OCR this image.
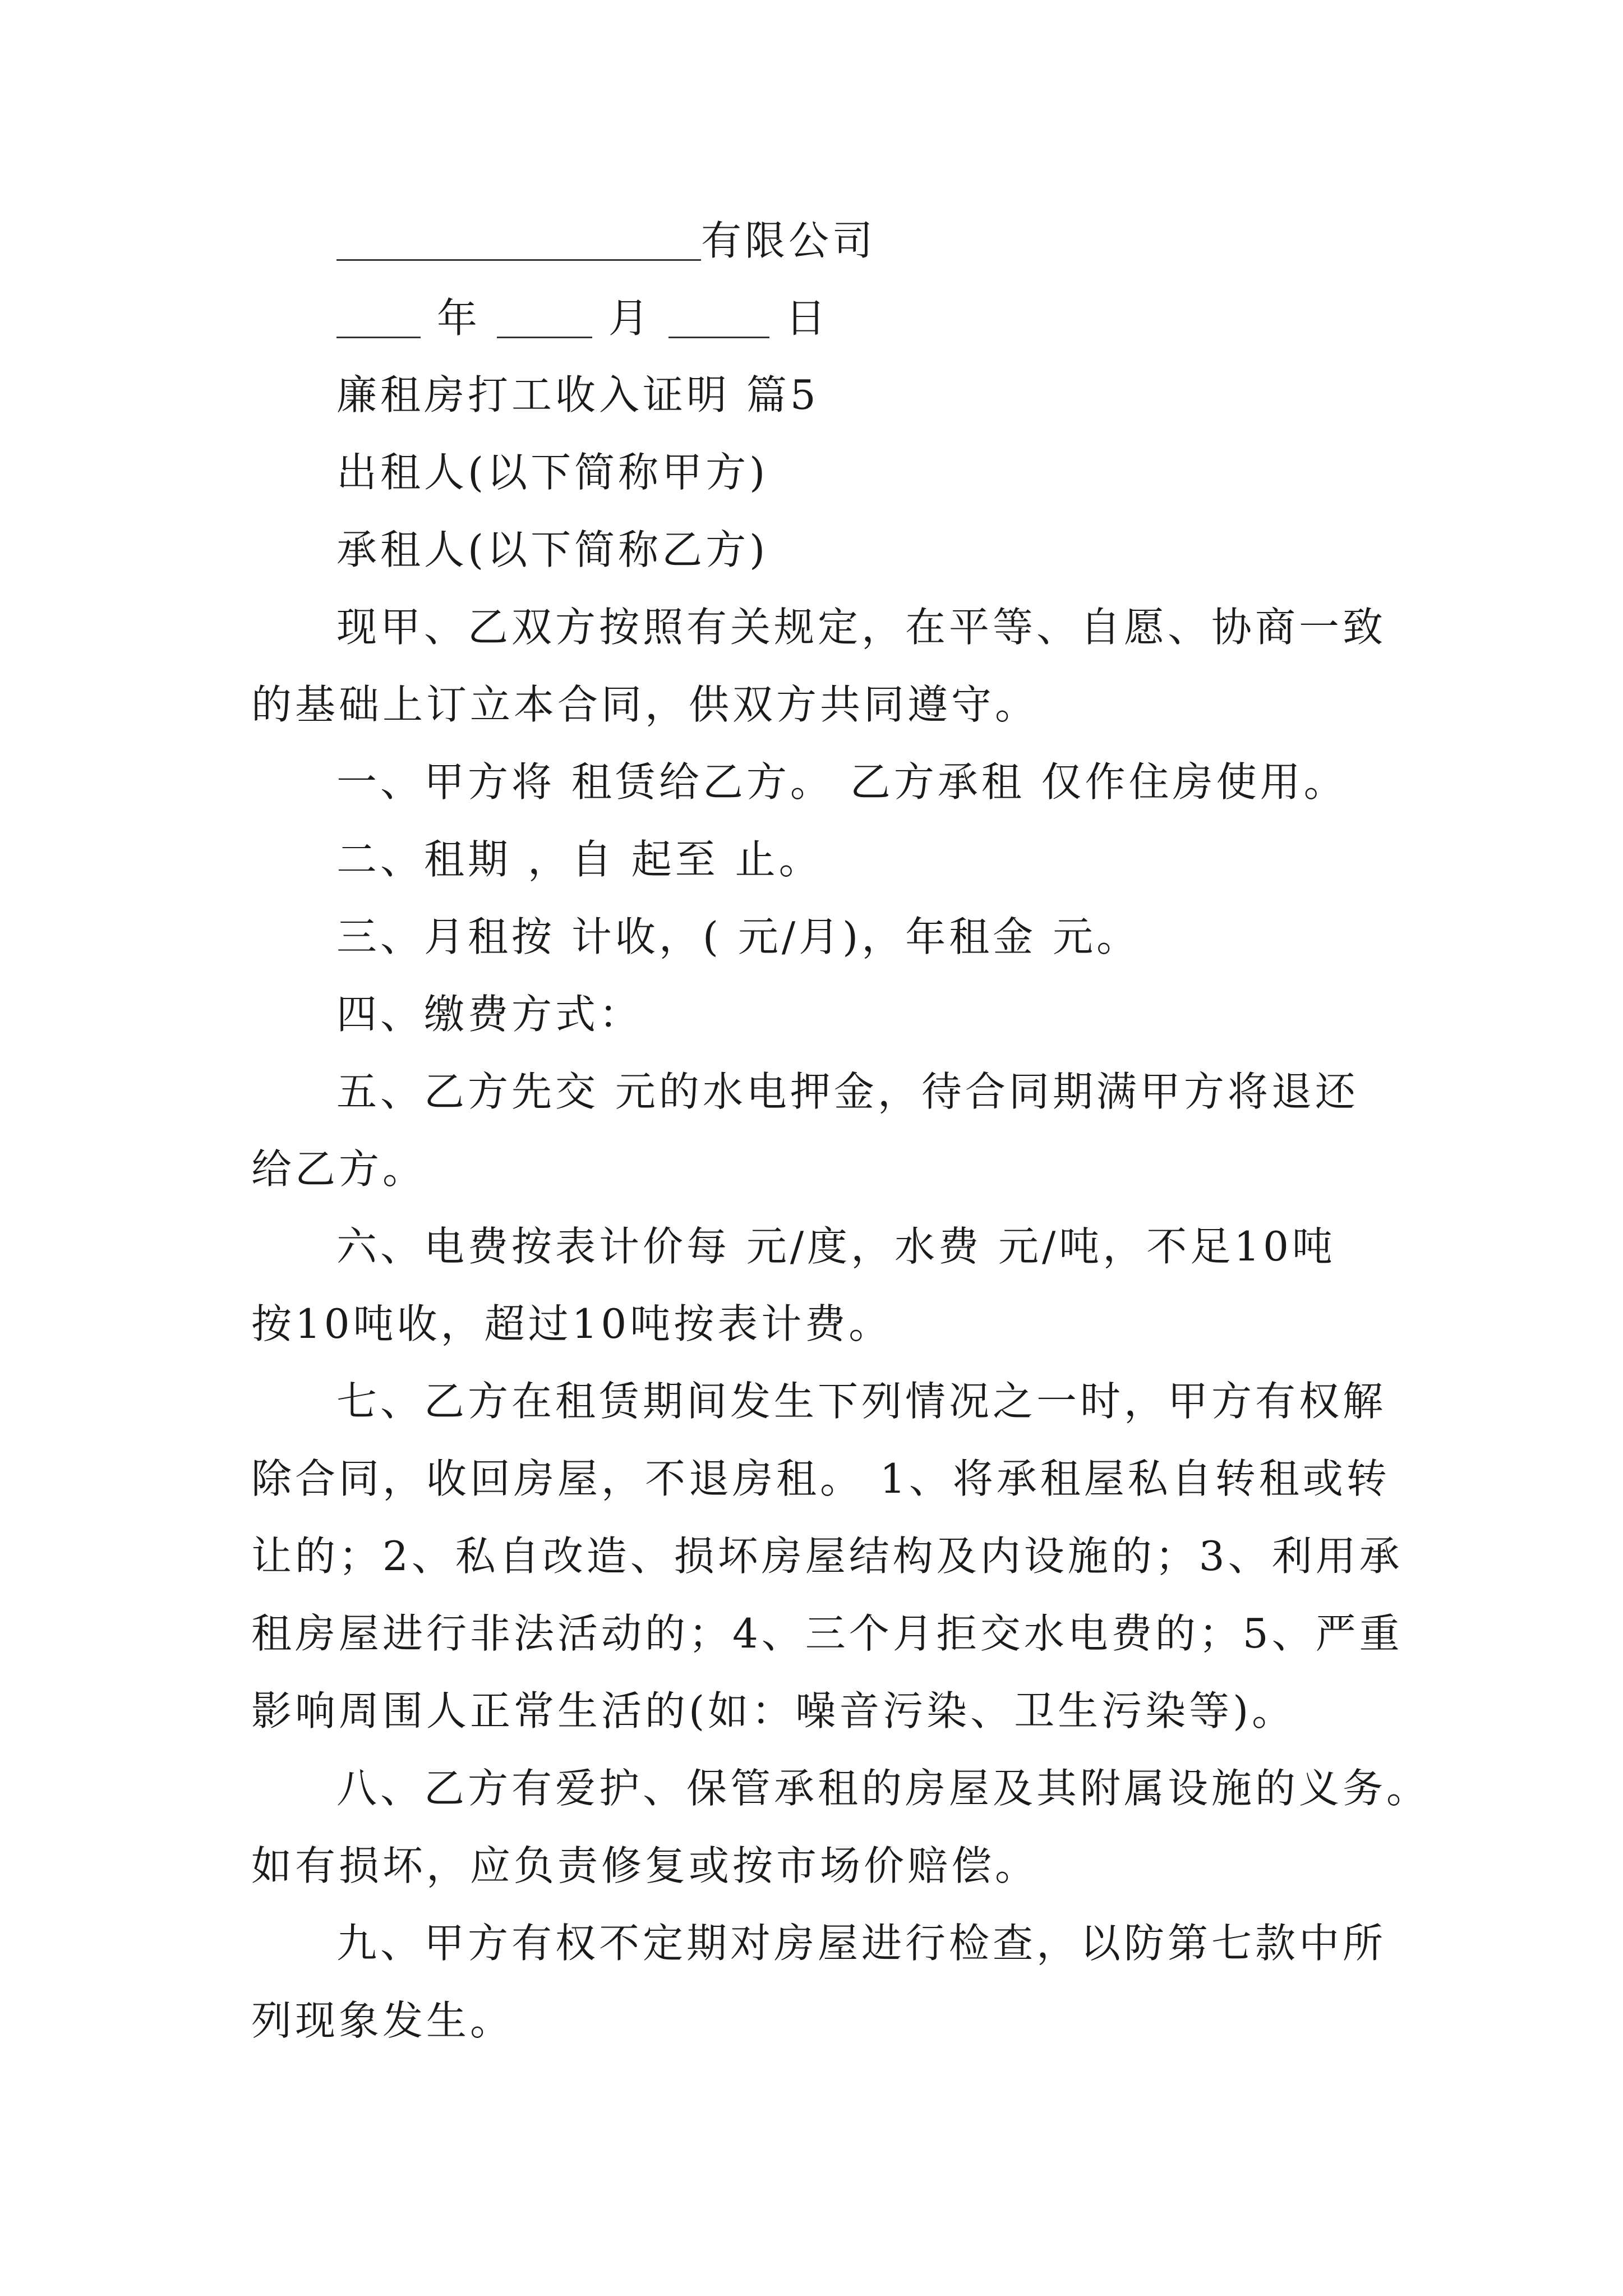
有限公司
年	月	日
廉租房打工收入证明 篇5
出租人(以下简称甲方)
承租人(以下简称乙方)
现甲、乙双方按照有关规定，在平等、自愿、协商一致
的基础上订立本合同，供双方共同遵守。
一、甲方将 租赁给乙方。 乙方承租 仅作住房使用。
二、租期 ，自 起至 止。
三、月租按 计收，( 元/月)，年租金 元。
四、缴费方式：
五、乙方先交 元的水电押金，待合同期满甲方将退还
给乙方。
六、电费按表计价每 元/度，水费 元/吨，不足10吨
按10吨收，超过10吨按表计费。
七、乙方在租赁期间发生下列情况之一时，甲方有权解
除合同，收回房屋，不退房租。 1、将承租屋私自转租或转
让的；2、私自改造、损坏房屋结构及内设施的；3、利用承
租房屋进行非法活动的；4、三个月拒交水电费的；5、严重
影响周围人正常生活的(如：噪音污染、卫生污染等)。
八、乙方有爱护、保管承租的房屋及其附属设施的义务。
如有损坏，应负责修复或按市场价赔偿。
九、甲方有权不定期对房屋进行检查，以防第七款中所
列现象发生。
